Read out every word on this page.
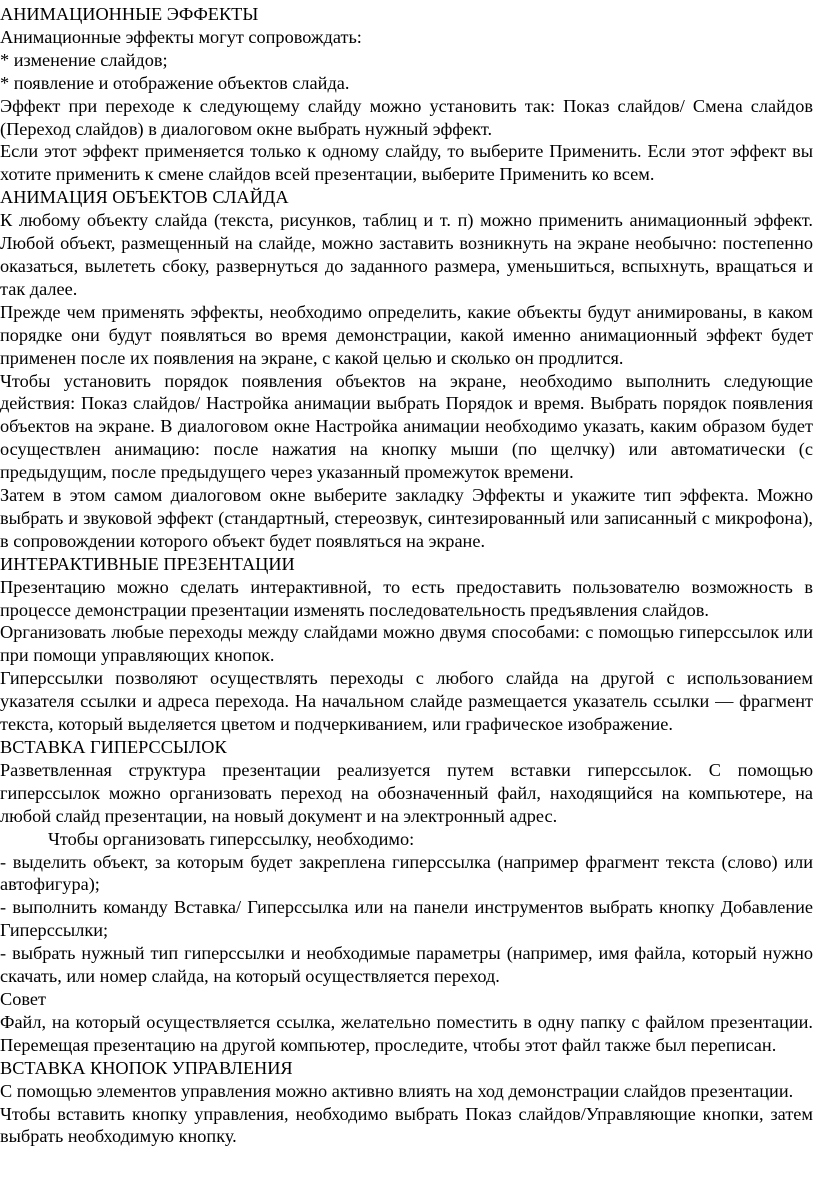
АНИМАЦИОННЫЕ ЭФФЕКТЫ

Анимационные эффекты могут сопровождать:

* изменение слайдов;

* появление и отображение объектов слайда.

Эффект при переходе к следующему слайду можно установить так: Показ слайдов/ Смена слайдов (Переход слайдов) в диалоговом окне выбрать нужный эффект.

Если этот эффект применяется только к одному слайду, то выберите Применить. Если этот эффект вы хотите применить к смене слайдов всей презентации, выберите Применить ко всем.

АНИМАЦИЯ ОБЪЕКТОВ СЛАЙДА

К любому объекту слайда (текста, рисунков, таблиц и т. п) можно применить анимационный эффект. Любой объект, размещенный на слайде, можно заставить возникнуть на экране необычно: постепенно оказаться, вылететь сбоку, развернуться до заданного размера, уменьшиться, вспыхнуть, вращаться и так далее.

Прежде чем применять эффекты, необходимо определить, какие объекты будут анимированы, в каком порядке они будут появляться во время демонстрации, какой именно анимационный эффект будет применен после их появления на экране, с какой целью и сколько он продлится.

Чтобы установить порядок появления объектов на экране, необходимо выполнить следующие действия: Показ слайдов/ Настройка анимации выбрать Порядок и время. Выбрать порядок появления объектов на экране. В диалоговом окне Настройка анимации необходимо указать, каким образом будет осуществлен анимацию: после нажатия на кнопку мыши (по щелчку) или автоматически (с предыдущим, после предыдущего через указанный промежуток времени.

Затем в этом самом диалоговом окне выберите закладку Эффекты и укажите тип эффекта. Можно выбрать и звуковой эффект (стандартный, стереозвук, синтезированный или записанный с микрофона), в сопровождении которого объект будет появляться на экране.

ИНТЕРАКТИВНЫЕ ПРЕЗЕНТАЦИИ

Презентацию можно сделать интерактивной, то есть предоставить пользователю возможность в процессе демонстрации презентации изменять последовательность предъявления слайдов.

Организовать любые переходы между слайдами можно двумя способами: с помощью гиперссылок или при помощи управляющих кнопок.

Гиперссылки позволяют осуществлять переходы с любого слайда на другой с использованием указателя ссылки и адреса перехода. На начальном слайде размещается указатель ссылки — фрагмент текста, который выделяется цветом и подчеркиванием, или графическое изображение.

ВСТАВКА ГИПЕРССЫЛОК

Разветвленная структура презентации реализуется путем вставки гиперссылок. С помощью гиперссылок можно организовать переход на обозначенный файл, находящийся на компьютере, на любой слайд презентации, на новый документ и на электронный адрес.

Чтобы организовать гиперссылку, необходимо:

- выделить объект, за которым будет закреплена гиперссылка (например фрагмент текста (слово) или автофигура);

- выполнить команду Вставка/ Гиперссылка или на панели инструментов выбрать кнопку Добавление Гиперссылки;

- выбрать нужный тип гиперссылки и необходимые параметры (например, имя файла, который нужно скачать, или номер слайда, на который осуществляется переход.

Совет

Файл, на который осуществляется ссылка, желательно поместить в одну папку с файлом презентации. Перемещая презентацию на другой компьютер, проследите, чтобы этот файл также был переписан.

ВСТАВКА КНОПОК УПРАВЛЕНИЯ

С помощью элементов управления можно активно влиять на ход демонстрации слайдов презентации.

Чтобы вставить кнопку управления, необходимо выбрать Показ слайдов/Управляющие кнопки, затем выбрать необходимую кнопку.
